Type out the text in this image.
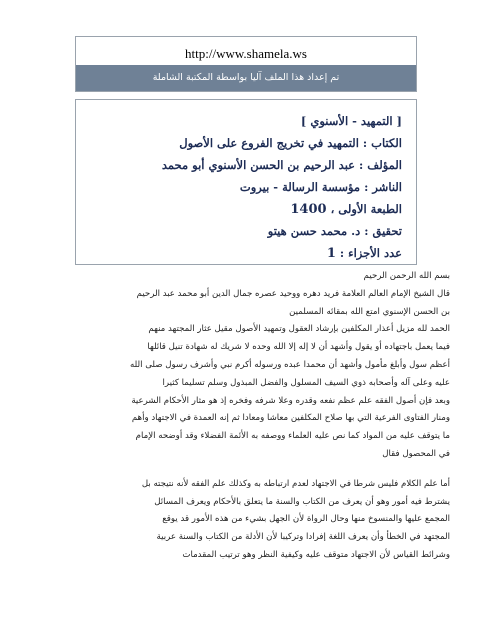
http://www.shamela.ws
تم إعداد هذا الملف آليا بواسطة المكتبة الشاملة
[ التمهيد - الأسنوي ]
الكتاب : التمهيد في تخريج الفروع على الأصول
المؤلف : عبد الرحيم بن الحسن الأسنوي أبو محمد
الناشر : مؤسسة الرسالة - بيروت
الطبعة الأولى ، 1400
تحقيق : د. محمد حسن هيتو
عدد الأجزاء : 1

بسم الله الرحمن الرحيم

قال الشيخ الإمام العالم العلامة فريد دهره ووحيد عصره جمال الدين أبو محمد عبد الرحيم

بن الحسن الإسنوي امتع الله بمقائه المسلمين

الحمد لله مزيل أعذار المكلفين بإرشاد العقول وتمهيد الأصول مقيل عثار المجتهد منهم

فيما يعمل باجتهاده أو يقول وأشهد أن لا إله إلا الله وحده لا شريك له شهادة تنيل قائلها

أعظم سول وأبلغ مأمول وأشهد أن محمدا عبده ورسوله أكرم نبي وأشرف رسول صلى الله

عليه وعلى آله وأصحابه ذوي السيف المسلول والفضل المبذول وسلم تسليما كثيرا

وبعد فإن أصول الفقه علم عظم نفعه وقدره وعلا شرفه وفخره إذ هو مثار الأحكام الشرعية

ومنار الفتاوى الفرعية التي بها صلاح المكلفين معاشا ومعادا ثم إنه العمدة في الاجتهاد وأهم

ما يتوقف عليه من المواد كما نص عليه العلماء ووصفه به الأئمة الفضلاء وقد أوضحه الإمام

في المحصول فقال

أما علم الكلام فليس شرطا في الاجتهاد لعدم ارتباطه به وكذلك علم الفقه لأنه نتيجته بل

يشترط فيه أمور وهو أن يعرف من الكتاب والسنة ما يتعلق بالأحكام ويعرف المسائل

المجمع عليها والمنسوخ منها وحال الرواة لأن الجهل بشيء من هذه الأمور قد يوقع

المجتهد في الخطأ وأن يعرف اللغة إفرادا وتركيبا لأن الأدلة من الكتاب والسنة عربية

وشرائط القياس لأن الاجتهاد متوقف عليه وكيفية النظر وهو ترتيب المقدمات
